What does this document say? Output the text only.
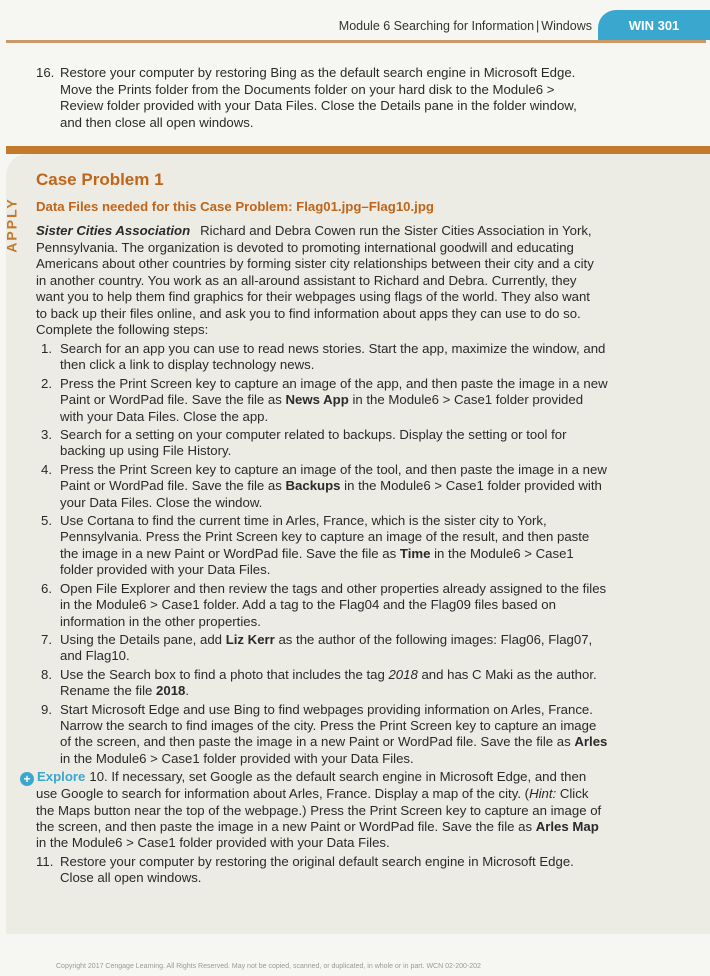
Module 6 Searching for Information | Windows	WIN 301
16. Restore your computer by restoring Bing as the default search engine in Microsoft Edge. Move the Prints folder from the Documents folder on your hard disk to the Module6 > Review folder provided with your Data Files. Close the Details pane in the folder window, and then close all open windows.
APPLY
Case Problem 1
Data Files needed for this Case Problem: Flag01.jpg–Flag10.jpg
Sister Cities Association Richard and Debra Cowen run the Sister Cities Association in York, Pennsylvania. The organization is devoted to promoting international goodwill and educating Americans about other countries by forming sister city relationships between their city and a city in another country. You work as an all-around assistant to Richard and Debra. Currently, they want you to help them find graphics for their webpages using flags of the world. They also want to back up their files online, and ask you to find information about apps they can use to do so. Complete the following steps:
1. Search for an app you can use to read news stories. Start the app, maximize the window, and then click a link to display technology news.
2. Press the Print Screen key to capture an image of the app, and then paste the image in a new Paint or WordPad file. Save the file as News App in the Module6 > Case1 folder provided with your Data Files. Close the app.
3. Search for a setting on your computer related to backups. Display the setting or tool for backing up using File History.
4. Press the Print Screen key to capture an image of the tool, and then paste the image in a new Paint or WordPad file. Save the file as Backups in the Module6 > Case1 folder provided with your Data Files. Close the window.
5. Use Cortana to find the current time in Arles, France, which is the sister city to York, Pennsylvania. Press the Print Screen key to capture an image of the result, and then paste the image in a new Paint or WordPad file. Save the file as Time in the Module6 > Case1 folder provided with your Data Files.
6. Open File Explorer and then review the tags and other properties already assigned to the files in the Module6 > Case1 folder. Add a tag to the Flag04 and the Flag09 files based on information in the other properties.
7. Using the Details pane, add Liz Kerr as the author of the following images: Flag06, Flag07, and Flag10.
8. Use the Search box to find a photo that includes the tag 2018 and has C Maki as the author. Rename the file 2018.
9. Start Microsoft Edge and use Bing to find webpages providing information on Arles, France. Narrow the search to find images of the city. Press the Print Screen key to capture an image of the screen, and then paste the image in a new Paint or WordPad file. Save the file as Arles in the Module6 > Case1 folder provided with your Data Files.
+ Explore 10. If necessary, set Google as the default search engine in Microsoft Edge, and then use Google to search for information about Arles, France. Display a map of the city. (Hint: Click the Maps button near the top of the webpage.) Press the Print Screen key to capture an image of the screen, and then paste the image in a new Paint or WordPad file. Save the file as Arles Map in the Module6 > Case1 folder provided with your Data Files.
11. Restore your computer by restoring the original default search engine in Microsoft Edge. Close all open windows.
Copyright 2017 Cengage Learning. All Rights Reserved. May not be copied, scanned, or duplicated, in whole or in part. WCN 02-200-202
